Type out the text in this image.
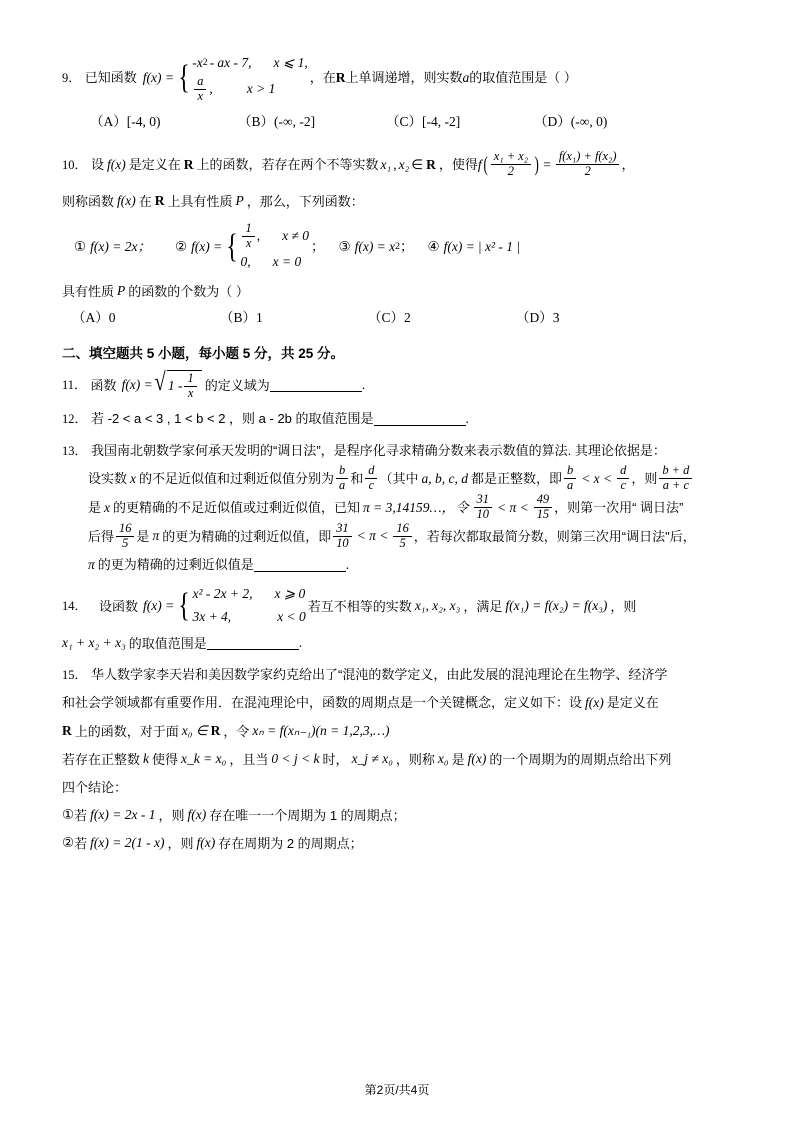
9． 已知函数 f(x) = { -x 2 - ax - 7, x ⩽ 1,
$\frac{a}{x}$ ,	x > 1
，在 R 上单调递增，则实数 a 的取值范围是（ ）
（A）[-4, 0)	（B）(-∞, -2]	（C）[-4, -2]	（D）(-∞, 0)
10． 设 f(x) 是定义在 R 上的函数，若存在两个不等实数 x₁ , x₂ ∈ R ，使得 f ( $\frac{\text{x₁ + x₂}}{2}$ ) = $\frac{\text{f(x₁) + f(x₂)}}{2}$ ，
则称函数 f(x) 在 R 上具有性质 P ，那么，下列函数：
① f(x) = 2x； ② f(x) = { $\frac{1}{x}$ , x ≠ 0
0, x = 0
； ③ f(x) = x 2 ； ④ f(x) = | x² - 1 |
具有性质 P 的函数的个数为（ ）
（A）0	（B）1	（C）2	（D）3
二、填空题共 5 小题，每小题 5 分，共 25 分。
11． 函数 f(x) = √ $1 - \frac{1}{x}$ 的定义域为	.
12． 若 -2 < a < 3 , 1 < b < 2 ，则 a - 2b 的取值范围是	.
13． 我国南北朝数学家何承天发明的“调日法”，是程序化寻求精确分数来表示数值的算法. 其理论依据是：
设实数 x 的不足近似值和过剩近似值分别为 $\frac{b}{a}$ 和 $\frac{d}{c}$ （其中 a, b, c, d 都是正整数，即 $\frac{b}{a} < x < \frac{d}{c}$ ，则 $\frac{b + d}{a + c}$
是 x 的更精确的不足近似值或过剩近似值，已知 π = 3,14159…，令 $\frac{31}{10} < \pi < \frac{49}{15}$ ，则第一次用“ 调日法”
后得 $\frac{16}{5}$ 是 π 的更为精确的过剩近似值，即 $\frac{31}{10} < \pi < \frac{16}{5}$ ，若每次都取最简分数，则第三次用“调日法"后，
π 的更为精确的过剩近似值是	.
14． 设函数 f(x) = { x² - 2x + 2, x ⩾ 0
3x + 4,	x < 0
若互不相等的实数 x₁, x₂, x₃ ，满足 f(x₁) = f(x₂) = f(x₃) ，则
x₁ + x₂ + x₃ 的取值范围是	.
15． 华人数学家李天岩和美因数学家约克给出了“混沌的数学定义，由此发展的混沌理论在生物学、经济学
和社会学领域都有重要作用．在混沌理论中，函数的周期点是一个关键概念，定义如下：设 f(x) 是定义在
R 上的函数，对于面 x₀ ∈ R ，令 xₙ = f(xₙ₋₁)(n = 1,2,3,…)
若存在正整数 k 使得 x_k = x₀ ，且当 0 < j < k 时， x_j ≠ x₀ ，则称 x₀ 是 f(x) 的一个周期为的周期点给出下列
四个结论：
① 若 f(x) = 2x - 1 ，则 f(x) 存在唯一一个周期为 1 的周期点；
② 若 f(x) = 2(1 - x) ，则 f(x) 存在周期为 2 的周期点；
第2页/共4页
